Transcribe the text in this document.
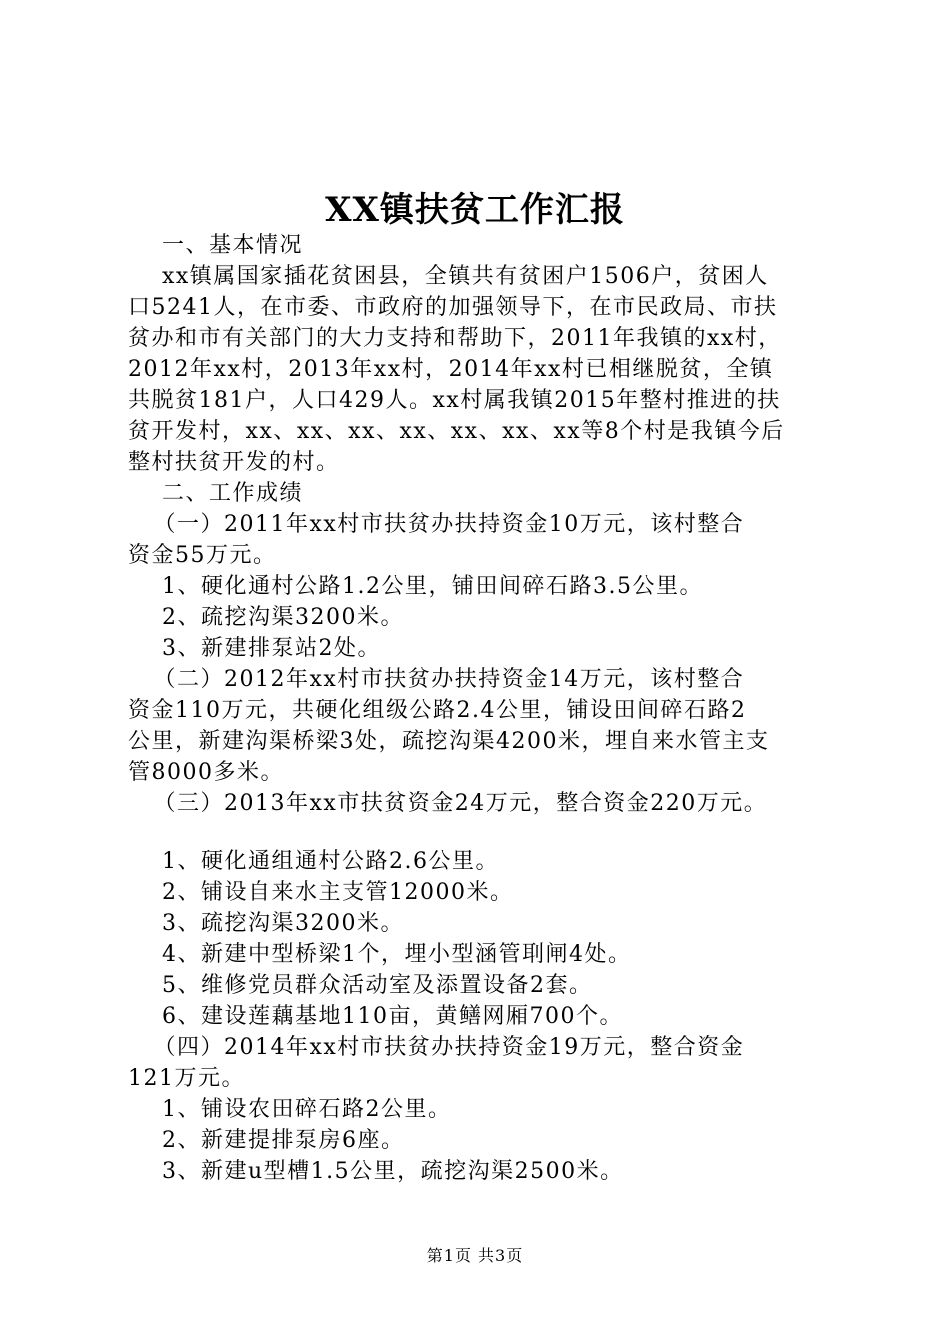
XX镇扶贫工作汇报
一、基本情况
xx镇属国家插花贫困县，全镇共有贫困户1506户，贫困人
口5241人，在市委、市政府的加强领导下，在市民政局、市扶
贫办和市有关部门的大力支持和帮助下，2011年我镇的xx村，
2012年xx村，2013年xx村，2014年xx村已相继脱贫，全镇
共脱贫181户，人口429人。xx村属我镇2015年整村推进的扶
贫开发村，xx、xx、xx、xx、xx、xx、xx等8个村是我镇今后
整村扶贫开发的村。
二、工作成绩
（一）2011年xx村市扶贫办扶持资金10万元，该村整合
资金55万元。
1、硬化通村公路1.2公里，铺田间碎石路3.5公里。
2、疏挖沟渠3200米。
3、新建排泵站2处。
（二）2012年xx村市扶贫办扶持资金14万元，该村整合
资金110万元，共硬化组级公路2.4公里，铺设田间碎石路2
公里，新建沟渠桥梁3处，疏挖沟渠4200米，埋自来水管主支
管8000多米。
（三）2013年xx市扶贫资金24万元，整合资金220万元。
1、硬化通组通村公路2.6公里。
2、铺设自来水主支管12000米。
3、疏挖沟渠3200米。
4、新建中型桥梁1个，埋小型涵管刵闸4处。
5、维修党员群众活动室及添置设备2套。
6、建设莲藕基地110亩，黄鳝网厢700个。
（四）2014年xx村市扶贫办扶持资金19万元，整合资金
121万元。
1、铺设农田碎石路2公里。
2、新建提排泵房6座。
3、新建u型槽1.5公里，疏挖沟渠2500米。
第1页 共3页
